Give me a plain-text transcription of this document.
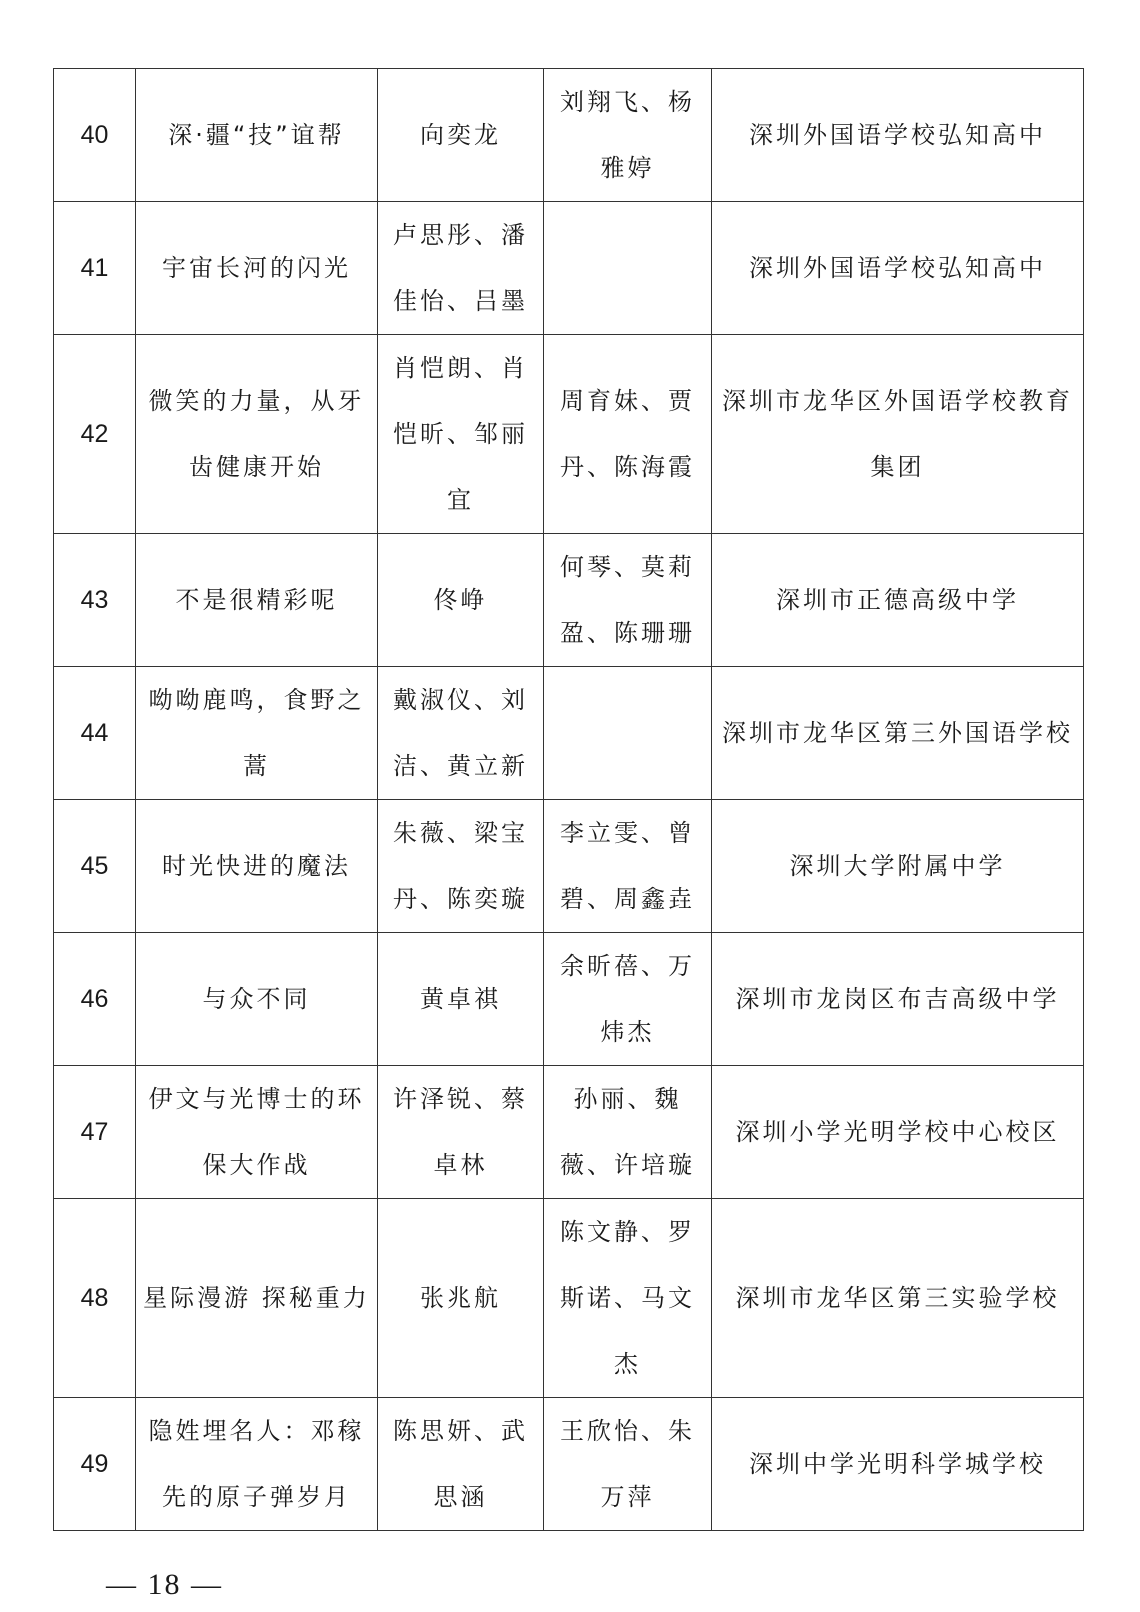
40	深·疆“技”谊帮	向奕龙	刘翔飞、杨雅婷	深圳外国语学校弘知高中
41	宇宙长河的闪光	卢思彤、潘佳怡、吕墨		深圳外国语学校弘知高中
42	微笑的力量，从牙齿健康开始	肖恺朗、肖恺昕、邹丽宜	周育妹、贾丹、陈海霞	深圳市龙华区外国语学校教育集团
43	不是很精彩呢	佟峥	何琴、莫莉盈、陈珊珊	深圳市正德高级中学
44	呦呦鹿鸣，食野之蒿	戴淑仪、刘洁、黄立新		深圳市龙华区第三外国语学校
45	时光快进的魔法	朱薇、梁宝丹、陈奕璇	李立雯、曾碧、周鑫垚	深圳大学附属中学
46	与众不同	黄卓祺	余昕蓓、万炜杰	深圳市龙岗区布吉高级中学
47	伊文与光博士的环保大作战	许泽锐、蔡卓林	孙丽、魏薇、许培璇	深圳小学光明学校中心校区
48	星际漫游 探秘重力	张兆航	陈文静、罗斯诺、马文杰	深圳市龙华区第三实验学校
49	隐姓埋名人：邓稼先的原子弹岁月	陈思妍、武思涵	王欣怡、朱万萍	深圳中学光明科学城学校
— 18 —
